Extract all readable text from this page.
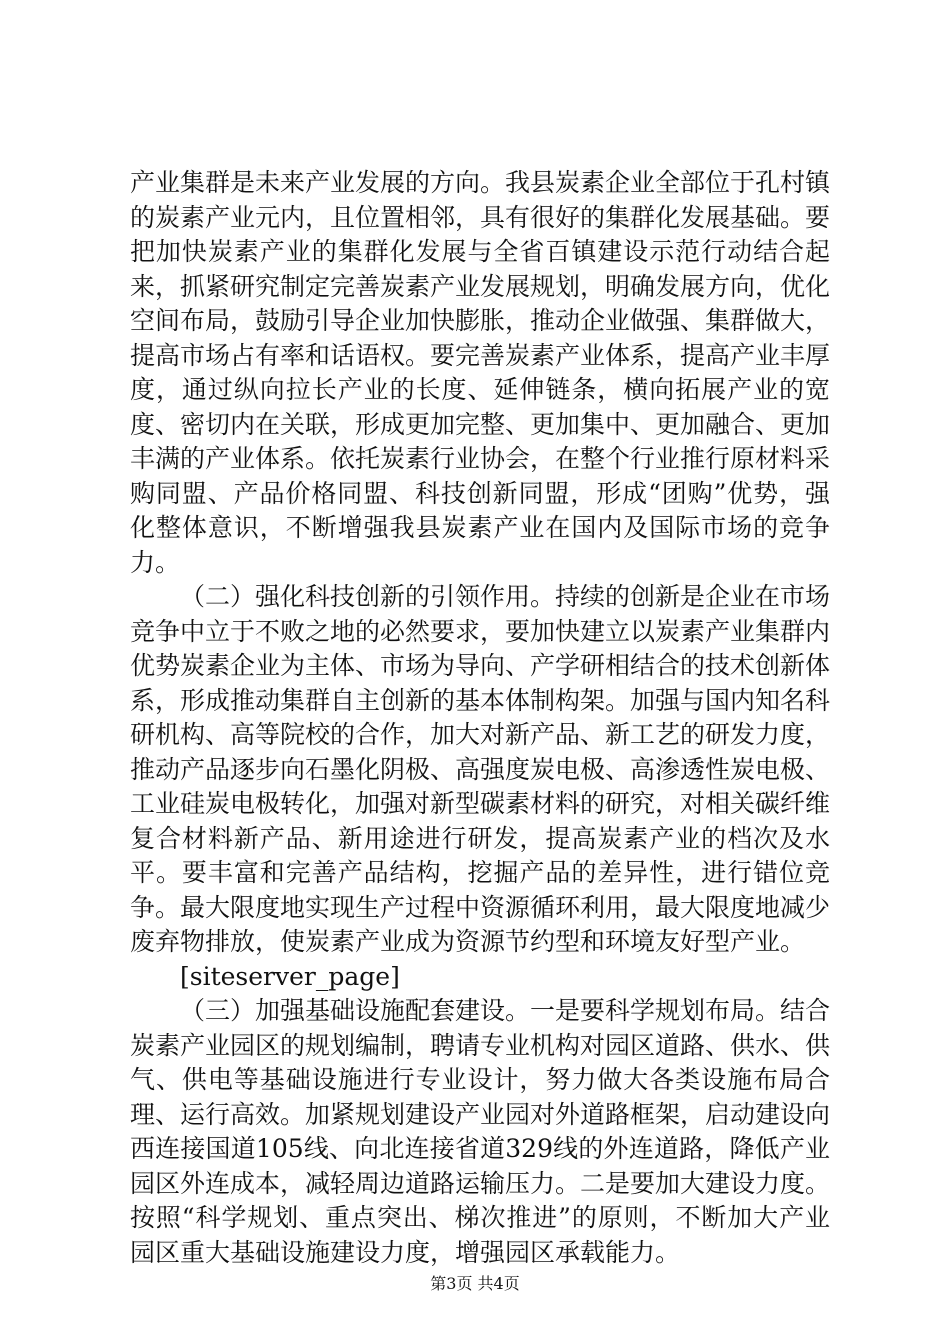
产业集群是未来产业发展的方向。我县炭素企业全部位于孔村镇的炭素产业元内，且位置相邻，具有很好的集群化发展基础。要把加快炭素产业的集群化发展与全省百镇建设示范行动结合起来，抓紧研究制定完善炭素产业发展规划，明确发展方向，优化空间布局，鼓励引导企业加快膨胀，推动企业做强、集群做大，提高市场占有率和话语权。要完善炭素产业体系，提高产业丰厚度，通过纵向拉长产业的长度、延伸链条，横向拓展产业的宽度、密切内在关联，形成更加完整、更加集中、更加融合、更加丰满的产业体系。依托炭素行业协会，在整个行业推行原材料采购同盟、产品价格同盟、科技创新同盟，形成“团购”优势，强化整体意识，不断增强我县炭素产业在国内及国际市场的竞争力。

（二）强化科技创新的引领作用。持续的创新是企业在市场竞争中立于不败之地的必然要求，要加快建立以炭素产业集群内优势炭素企业为主体、市场为导向、产学研相结合的技术创新体系，形成推动集群自主创新的基本体制构架。加强与国内知名科研机构、高等院校的合作，加大对新产品、新工艺的研发力度，推动产品逐步向石墨化阴极、高强度炭电极、高渗透性炭电极、工业硅炭电极转化，加强对新型碳素材料的研究，对相关碳纤维复合材料新产品、新用途进行研发，提高炭素产业的档次及水平。要丰富和完善产品结构，挖掘产品的差异性，进行错位竞争。最大限度地实现生产过程中资源循环利用，最大限度地减少废弃物排放，使炭素产业成为资源节约型和环境友好型产业。

[siteserver_page]

（三）加强基础设施配套建设。一是要科学规划布局。结合炭素产业园区的规划编制，聘请专业机构对园区道路、供水、供气、供电等基础设施进行专业设计，努力做大各类设施布局合理、运行高效。加紧规划建设产业园对外道路框架，启动建设向西连接国道105线、向北连接省道329线的外连道路，降低产业园区外连成本，减轻周边道路运输压力。二是要加大建设力度。按照“科学规划、重点突出、梯次推进”的原则，不断加大产业园区重大基础设施建设力度，增强园区承载能力。

第3页 共4页
